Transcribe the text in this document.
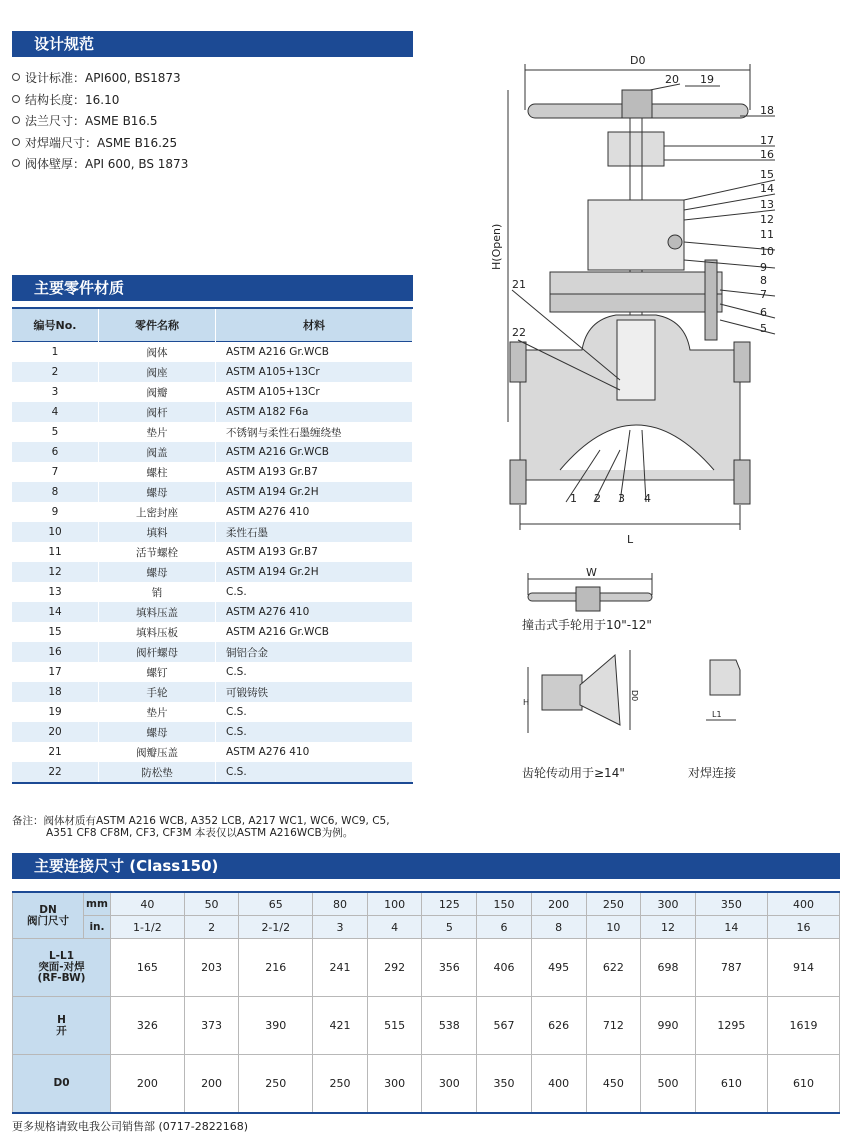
设计规范
设计标准：API600, BS1873
结构长度：16.10
法兰尺寸：ASME B16.5
对焊端尺寸：ASME B16.25
阀体壁厚：API 600, BS 1873
主要零件材质
编号No.	零件名称	材料
1	阀体	ASTM A216 Gr.WCB
2	阀座	ASTM A105+13Cr
3	阀瓣	ASTM A105+13Cr
4	阀杆	ASTM A182 F6a
5	垫片	不锈钢与柔性石墨缠绕垫
6	阀盖	ASTM A216 Gr.WCB
7	螺柱	ASTM A193 Gr.B7
8	螺母	ASTM A194 Gr.2H
9	上密封座	ASTM A276 410
10	填料	柔性石墨
11	活节螺栓	ASTM A193 Gr.B7
12	螺母	ASTM A194 Gr.2H
13	销	C.S.
14	填料压盖	ASTM A276 410
15	填料压板	ASTM A216 Gr.WCB
16	阀杆螺母	铜铝合金
17	螺钉	C.S.
18	手轮	可锻铸铁
19	垫片	C.S.
20	螺母	C.S.
21	阀瓣压盖	ASTM A276 410
22	防松垫	C.S.
备注：阀体材质有ASTM A216 WCB, A352 LCB, A217 WC1, WC6, WC9, C5,
A351 CF8 CF8M, CF3, CF3M 本表仅以ASTM A216WCB为例。
D0
H(Open)
L
20 19
18
17
16
15
14
13
12
11
10
9
8
7
6
5
21
22
1 2 3 4
W
撞击式手轮用于10"-12"
H
D0
齿轮传动用于≥14"
L1
对焊连接
主要连接尺寸 (Class150)
DN
阀门尺寸	mm	40	50	65	80	100	125	150	200	250	300	350	400
	in.	1-1/2	2	2-1/2	3	4	5	6	8	10	12	14	16
L-L1
突面-对焊
(RF-BW)		165	203	216	241	292	356	406	495	622	698	787	914
H
开		326	373	390	421	515	538	567	626	712	990	1295	1619
D0		200	200	250	250	300	300	350	400	450	500	610	610
更多规格请致电我公司销售部 (0717-2822168)
